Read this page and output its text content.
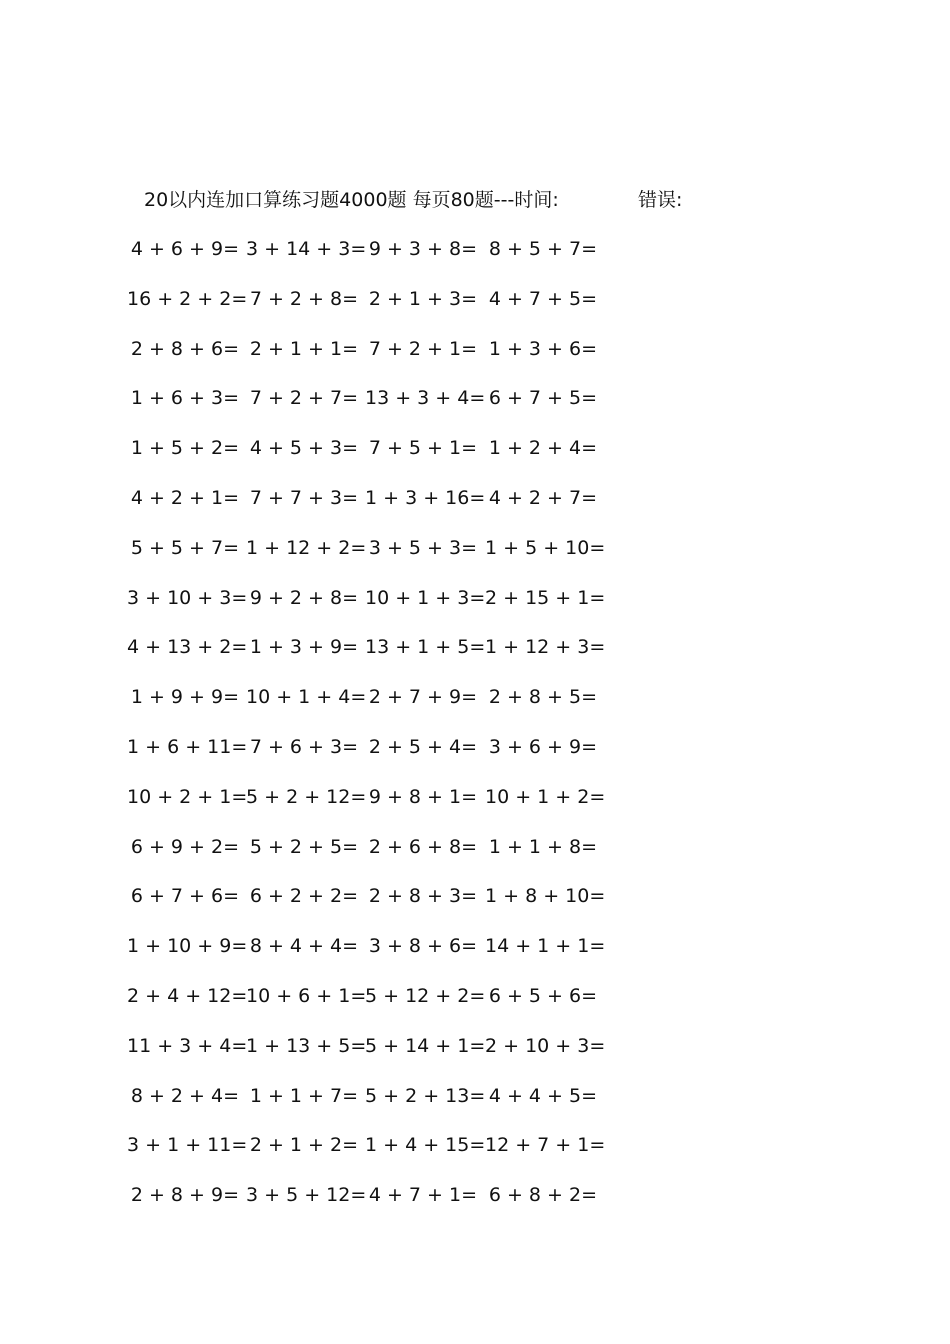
20以内连加口算练习题4000题 每页80题---时间:	错误:
4 + 6 + 9= 3 + 14 + 3= 9 + 3 + 8= 8 + 5 + 7=
16 + 2 + 2= 7 + 2 + 8= 2 + 1 + 3= 4 + 7 + 5=
2 + 8 + 6= 2 + 1 + 1= 7 + 2 + 1= 1 + 3 + 6=
1 + 6 + 3= 7 + 2 + 7= 13 + 3 + 4= 6 + 7 + 5=
1 + 5 + 2= 4 + 5 + 3= 7 + 5 + 1= 1 + 2 + 4=
4 + 2 + 1= 7 + 7 + 3= 1 + 3 + 16= 4 + 2 + 7=
5 + 5 + 7= 1 + 12 + 2= 3 + 5 + 3= 1 + 5 + 10=
3 + 10 + 3= 9 + 2 + 8= 10 + 1 + 3= 2 + 15 + 1=
4 + 13 + 2= 1 + 3 + 9= 13 + 1 + 5= 1 + 12 + 3=
1 + 9 + 9= 10 + 1 + 4= 2 + 7 + 9= 2 + 8 + 5=
1 + 6 + 11= 7 + 6 + 3= 2 + 5 + 4= 3 + 6 + 9=
10 + 2 + 1=
5 + 2 + 12= 9 + 8 + 1= 10 + 1 + 2=
6 + 9 + 2= 5 + 2 + 5= 2 + 6 + 8= 1 + 1 + 8=
6 + 7 + 6= 6 + 2 + 2= 2 + 8 + 3= 1 + 8 + 10=
1 + 10 + 9= 8 + 4 + 4= 3 + 8 + 6= 14 + 1 + 1=
2 + 4 + 12=
10 + 6 + 1=
5 + 12 + 2= 6 + 5 + 6=
11 + 3 + 4=
1 + 13 + 5=
5 + 14 + 1= 2 + 10 + 3=
8 + 2 + 4= 1 + 1 + 7= 5 + 2 + 13= 4 + 4 + 5=
3 + 1 + 11= 2 + 1 + 2= 1 + 4 + 15= 12 + 7 + 1=
2 + 8 + 9= 3 + 5 + 12= 4 + 7 + 1= 6 + 8 + 2=
